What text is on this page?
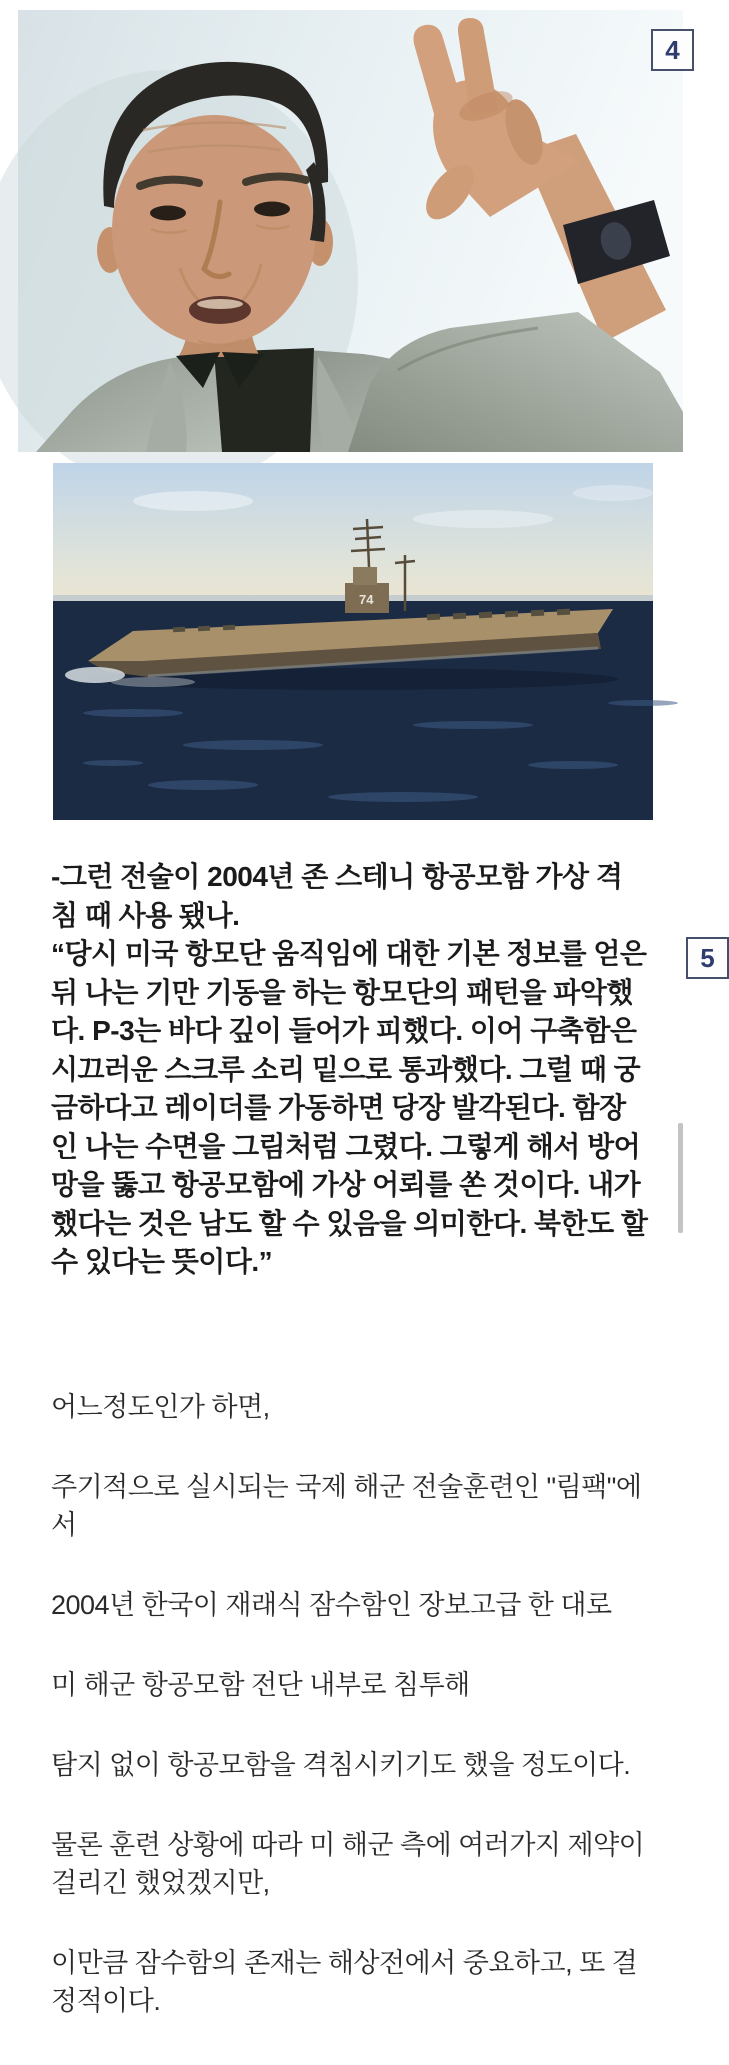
4
74
5

-그런 전술이 2004년 존 스테니 항공모함 가상 격침 때 사용 됐나.

“당시 미국 항모단 움직임에 대한 기본 정보를 얻은 뒤 나는 기만 기동을 하는 항모단의 패턴을 파악했다. P-3는 바다 깊이 들어가 피했다. 이어 구축함은 시끄러운 스크루 소리 밑으로 통과했다. 그럴 때 궁금하다고 레이더를 가동하면 당장 발각된다. 함장인 나는 수면을 그림처럼 그렸다. 그렇게 해서 방어망을 뚫고 항공모함에 가상 어뢰를 쏜 것이다. 내가 했다는 것은 남도 할 수 있음을 의미한다. 북한도 할 수 있다는 뜻이다.”

어느정도인가 하면,

주기적으로 실시되는 국제 해군 전술훈련인 "림팩"에서

2004년 한국이 재래식 잠수함인 장보고급 한 대로

미 해군 항공모함 전단 내부로 침투해

탐지 없이 항공모함을 격침시키기도 했을 정도이다.

물론 훈련 상황에 따라 미 해군 측에 여러가지 제약이 걸리긴 했었겠지만,

이만큼 잠수함의 존재는 해상전에서 중요하고, 또 결정적이다.
